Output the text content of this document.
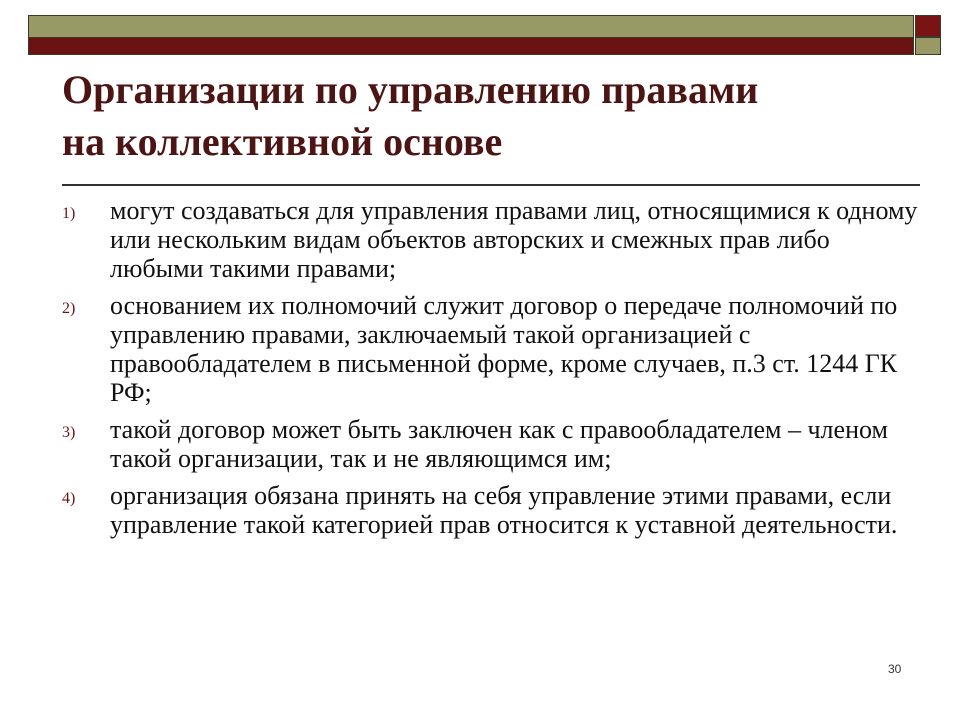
Организации по управлению правами
на коллективной основе
1)	могут создаваться для управления правами лиц, относящимися к одному или нескольким видам объектов авторских и смежных прав либо любыми такими правами;
2)	основанием их полномочий служит договор о передаче полномочий по управлению правами, заключаемый такой организацией с правообладателем в письменной форме, кроме случаев, п.3 ст. 1244 ГК РФ;
3)	такой договор может быть заключен как с правообладателем – членом такой организации, так и не являющимся им;
4)	организация обязана принять на себя управление этими правами, если управление такой категорией прав относится к уставной деятельности.
30
